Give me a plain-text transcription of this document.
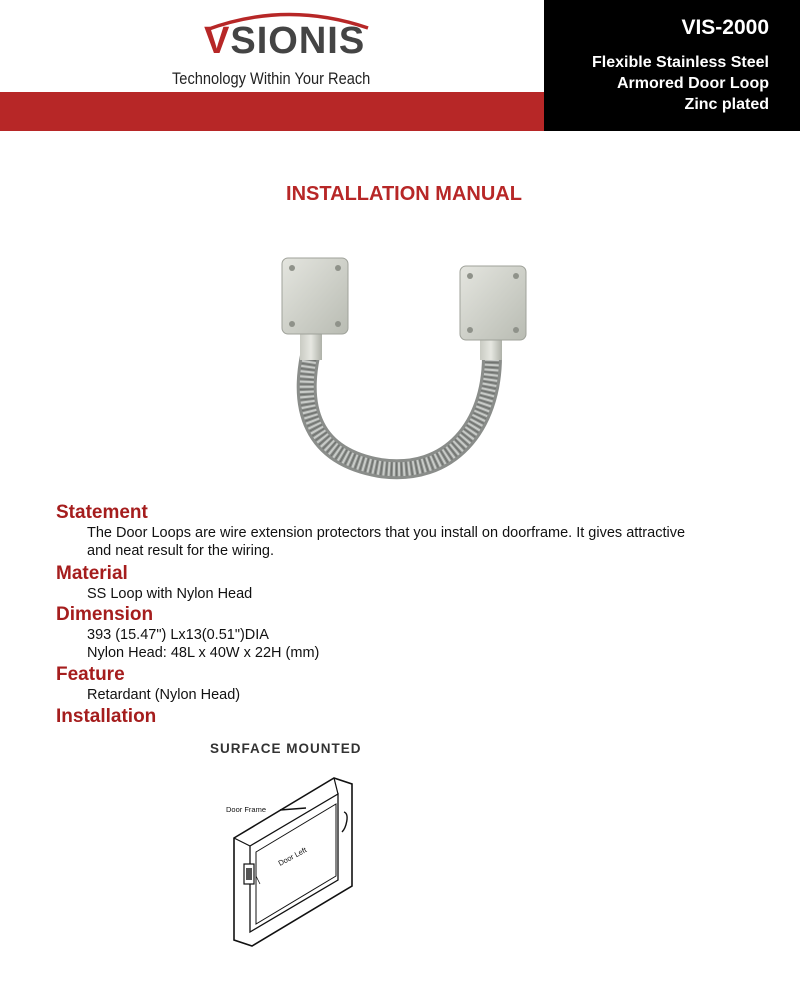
VSIONIS
Technology Within Your Reach
VIS-2000
Flexible Stainless Steel
Armored Door Loop
Zinc plated
INSTALLATION MANUAL
Statement
The Door Loops are wire extension protectors that you install on doorframe. It gives attractive
and neat result for the wiring.
Material
SS Loop with Nylon Head
Dimension
393 (15.47") Lx13(0.51")DIA
Nylon Head: 48L x 40W x 22H (mm)
Feature
Retardant (Nylon Head)
Installation
SURFACE MOUNTED
Door Frame
Door Left
